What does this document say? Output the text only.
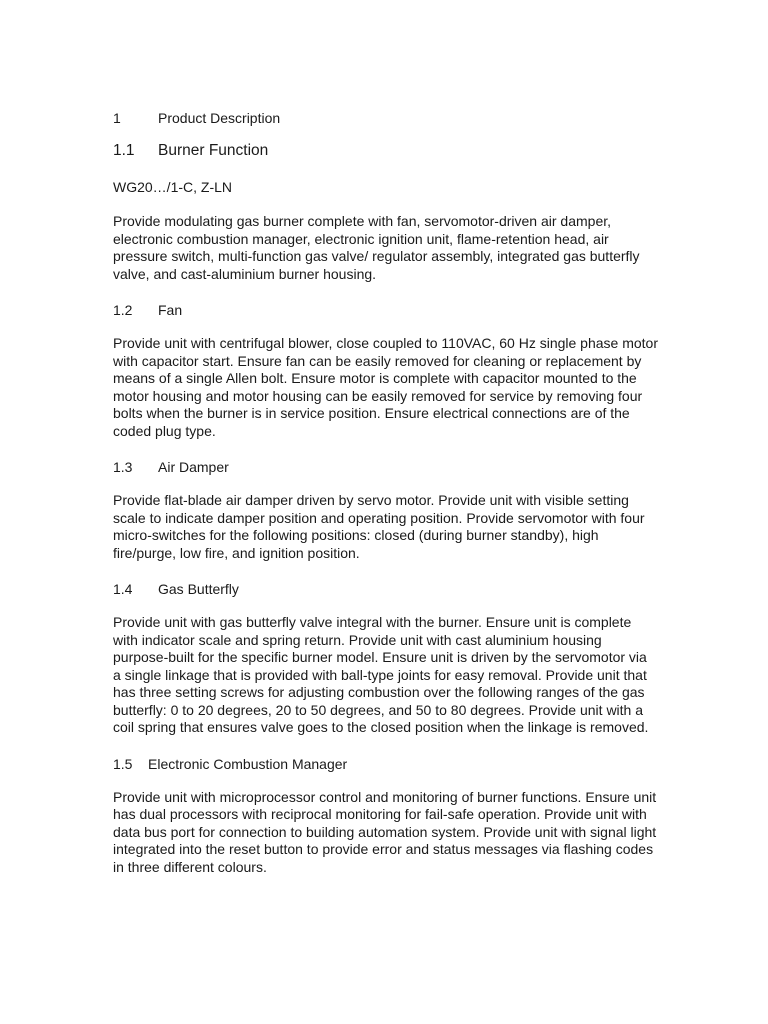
1	Product Description
1.1	Burner Function

WG20…/1-C, Z-LN

Provide modulating gas burner complete with fan, servomotor-driven air damper, electronic combustion manager, electronic ignition unit, flame-retention head, air pressure switch, multi-function gas valve/ regulator assembly, integrated gas butterfly valve, and cast-aluminium burner housing.

1.2	Fan

Provide unit with centrifugal blower, close coupled to 110VAC, 60 Hz single phase motor with capacitor start. Ensure fan can be easily removed for cleaning or replacement by means of a single Allen bolt. Ensure motor is complete with capacitor mounted to the motor housing and motor housing can be easily removed for service by removing four bolts when the burner is in service position. Ensure electrical connections are of the coded plug type.

1.3	Air Damper

Provide flat-blade air damper driven by servo motor. Provide unit with visible setting scale to indicate damper position and operating position. Provide servomotor with four micro-switches for the following positions: closed (during burner standby), high fire/purge, low fire, and ignition position.

1.4	Gas Butterfly

Provide unit with gas butterfly valve integral with the burner. Ensure unit is complete with indicator scale and spring return. Provide unit with cast aluminium housing purpose-built for the specific burner model. Ensure unit is driven by the servomotor via a single linkage that is provided with ball-type joints for easy removal. Provide unit that has three setting screws for adjusting combustion over the following ranges of the gas butterfly: 0 to 20 degrees, 20 to 50 degrees, and 50 to 80 degrees. Provide unit with a coil spring that ensures valve goes to the closed position when the linkage is removed.

1.5	Electronic Combustion Manager

Provide unit with microprocessor control and monitoring of burner functions. Ensure unit has dual processors with reciprocal monitoring for fail-safe operation. Provide unit with data bus port for connection to building automation system. Provide unit with signal light integrated into the reset button to provide error and status messages via flashing codes in three different colours.
